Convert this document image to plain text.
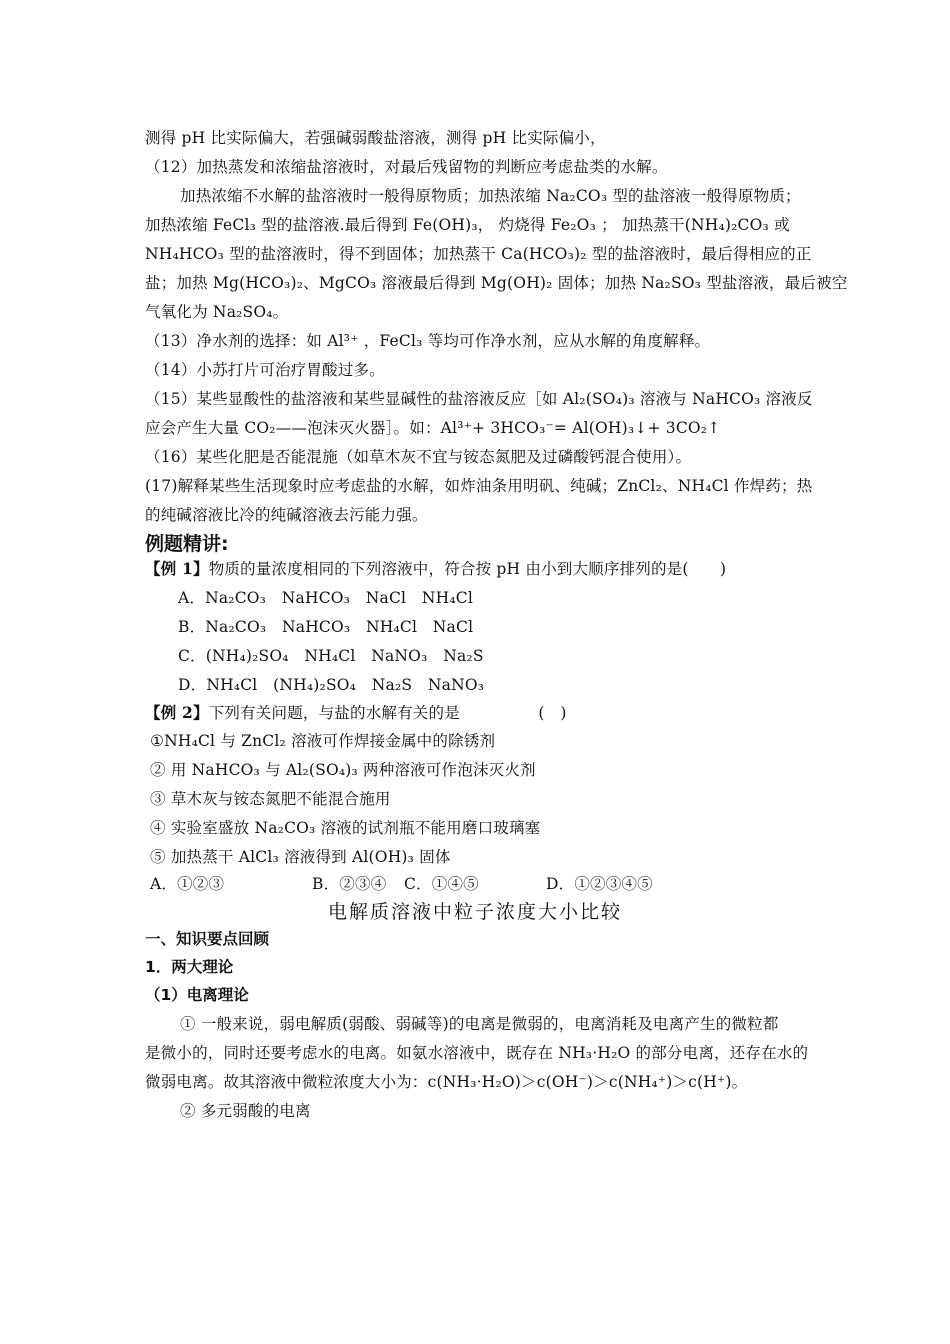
测得 pH 比实际偏大，若强碱弱酸盐溶液，测得 pH 比实际偏小，
（12）加热蒸发和浓缩盐溶液时，对最后残留物的判断应考虑盐类的水解。
加热浓缩不水解的盐溶液时一般得原物质；加热浓缩 Na₂CO₃ 型的盐溶液一般得原物质；
加热浓缩 FeCl₃ 型的盐溶液.最后得到 Fe(OH)₃， 灼烧得 Fe₂O₃ ； 加热蒸干(NH₄)₂CO₃ 或
NH₄HCO₃ 型的盐溶液时，得不到固体；加热蒸干 Ca(HCO₃)₂ 型的盐溶液时，最后得相应的正
盐；加热 Mg(HCO₃)₂、MgCO₃ 溶液最后得到 Mg(OH)₂ 固体；加热 Na₂SO₃ 型盐溶液，最后被空
气氧化为 Na₂SO₄。
（13）净水剂的选择：如 Al³⁺ ，FeCl₃ 等均可作净水剂，应从水解的角度解释。
（14）小苏打片可治疗胃酸过多。
（15）某些显酸性的盐溶液和某些显碱性的盐溶液反应［如 Al₂(SO₄)₃ 溶液与 NaHCO₃ 溶液反
应会产生大量 CO₂——泡沫灭火器］。如：Al³⁺+ 3HCO₃⁻= Al(OH)₃↓+ 3CO₂↑
（16）某些化肥是否能混施（如草木灰不宜与铵态氮肥及过磷酸钙混合使用）。
(17)解释某些生活现象时应考虑盐的水解，如炸油条用明矾、纯碱；ZnCl₂、NH₄Cl 作焊药；热
的纯碱溶液比冷的纯碱溶液去污能力强。
例题精讲:
【例 1】物质的量浓度相同的下列溶液中，符合按 pH 由小到大顺序排列的是(　　)
A．Na₂CO₃　NaHCO₃　NaCl　NH₄Cl
B．Na₂CO₃　NaHCO₃　NH₄Cl　NaCl
C．(NH₄)₂SO₄　NH₄Cl　NaNO₃　Na₂S
D．NH₄Cl　(NH₄)₂SO₄　Na₂S　NaNO₃
【例 2】下列有关问题，与盐的水解有关的是　　　　　(　)
①NH₄Cl 与 ZnCl₂ 溶液可作焊接金属中的除锈剂
② 用 NaHCO₃ 与 Al₂(SO₄)₃ 两种溶液可作泡沫灭火剂
③ 草木灰与铵态氮肥不能混合施用
④ 实验室盛放 Na₂CO₃ 溶液的试剂瓶不能用磨口玻璃塞
⑤ 加热蒸干 AlCl₃ 溶液得到 Al(OH)₃ 固体
A．①②③	B．②③④ C．①④⑤	D．①②③④⑤
电解质溶液中粒子浓度大小比较
一、知识要点回顾
1．两大理论
（1）电离理论
① 一般来说，弱电解质(弱酸、弱碱等)的电离是微弱的，电离消耗及电离产生的微粒都
是微小的，同时还要考虑水的电离。如氨水溶液中，既存在 NH₃·H₂O 的部分电离，还存在水的
微弱电离。故其溶液中微粒浓度大小为：c(NH₃·H₂O)＞c(OH⁻)＞c(NH₄⁺)＞c(H⁺)。
② 多元弱酸的电离
